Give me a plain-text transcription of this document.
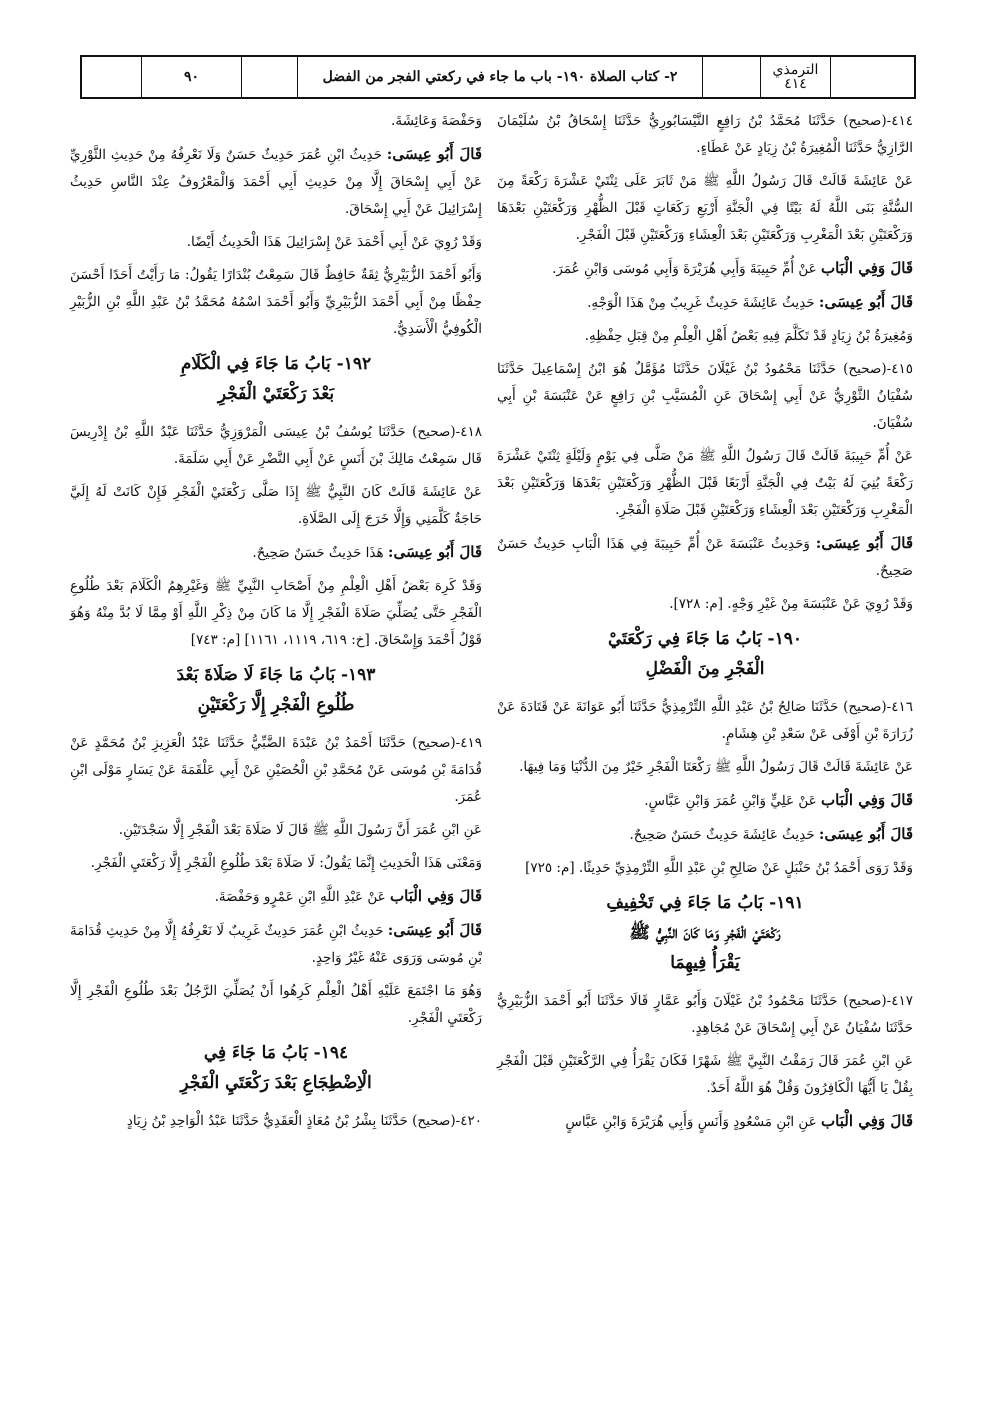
٩٠	٢- كتاب الصلاة ١٩٠- باب ما جاء في ركعتي الفجر من الفضل	الترمذي
٤١٤

٤١٤-(صحيح) حَدَّثَنَا مُحَمَّدُ بْنُ رَافِعٍ النَّيْسَابُورِيُّ حَدَّثَنَا إِسْحَاقُ بْنُ سُلَيْمَانَ الرَّازِيُّ حَدَّثَنَا الْمُغِيرَةُ بْنُ زِيَادٍ عَنْ عَطَاءٍ.

عَنْ عَائِشَةَ قَالَتْ قَالَ رَسُولُ اللَّهِ ﷺ مَنْ ثَابَرَ عَلَى ثِنْتَيْ عَشْرَةَ رَكْعَةً مِنَ السُّنَّةِ بَنَى اللَّهُ لَهُ بَيْتًا فِي الْجَنَّةِ أَرْبَعِ رَكَعَاتٍ قَبْلَ الظُّهْرِ وَرَكْعَتَيْنِ بَعْدَهَا وَرَكْعَتَيْنِ بَعْدَ الْمَغْرِبِ وَرَكْعَتَيْنِ بَعْدَ الْعِشَاءِ وَرَكْعَتَيْنِ قَبْلَ الْفَجْرِ.

قَالَ وَفِي الْبَاب عَنْ أُمِّ حَبِيبَةَ وَأَبِي هُرَيْرَةَ وَأَبِي مُوسَى وَابْنِ عُمَرَ.

قَالَ أَبُو عِيسَى: حَدِيثُ عَائِشَةَ حَدِيثٌ غَرِيبٌ مِنْ هَذَا الْوَجْهِ.

وَمُغِيرَةُ بْنُ زِيَادٍ قَدْ تَكَلَّمَ فِيهِ بَعْضُ أَهْلِ الْعِلْمِ مِنْ قِبَلِ حِفْظِهِ.

٤١٥-(صحيح) حَدَّثَنَا مَحْمُودُ بْنُ غَيْلَانَ حَدَّثَنَا مُؤَمَّلٌ هُوَ ابْنُ إِسْمَاعِيلَ حَدَّثَنَا سُفْيَانُ الثَّوْرِيُّ عَنْ أَبِي إِسْحَاقَ عَنِ الْمُسَيَّبِ بْنِ رَافِعٍ عَنْ عَنْبَسَةَ بْنِ أَبِي سُفْيَانَ.

عَنْ أُمِّ حَبِيبَةَ قَالَتْ قَالَ رَسُولُ اللَّهِ ﷺ مَنْ صَلَّى فِي يَوْمٍ وَلَيْلَةٍ ثِنْتَيْ عَشْرَةَ رَكْعَةً بُنِيَ لَهُ بَيْتٌ فِي الْجَنَّةِ أَرْبَعًا قَبْلَ الظُّهْرِ وَرَكْعَتَيْنِ بَعْدَهَا وَرَكْعَتَيْنِ بَعْدَ الْمَغْرِبِ وَرَكْعَتَيْنِ بَعْدَ الْعِشَاءِ وَرَكْعَتَيْنِ قَبْلَ صَلَاةِ الْفَجْرِ.

قَالَ أَبُو عِيسَى: وَحَدِيثُ عَنْبَسَةَ عَنْ أُمِّ حَبِيبَةَ فِي هَذَا الْبَابِ حَدِيثٌ حَسَنٌ صَحِيحٌ.

وَقَدْ رُوِيَ عَنْ عَنْبَسَةَ مِنْ غَيْرِ وَجْهٍ. [م: ٧٢٨].

١٩٠- بَابُ مَا جَاءَ فِي رَكْعَتَيْ
الْفَجْرِ مِنَ الْفَضْلِ

٤١٦-(صحيح) حَدَّثَنَا صَالِحُ بْنُ عَبْدِ اللَّهِ التِّرْمِذِيُّ حَدَّثَنَا أَبُو عَوَانَةَ عَنْ قَتَادَةَ عَنْ زُرَارَةَ بْنِ أَوْفَى عَنْ سَعْدِ بْنِ هِشَامٍ.

عَنْ عَائِشَةَ قَالَتْ قَالَ رَسُولُ اللَّهِ ﷺ رَكْعَتَا الْفَجْرِ خَيْرٌ مِنَ الدُّنْيَا وَمَا فِيهَا.

قَالَ وَفِي الْبَاب عَنْ عَلِيٍّ وَابْنِ عُمَرَ وَابْنِ عَبَّاسٍ.

قَالَ أَبُو عِيسَى: حَدِيثُ عَائِشَةَ حَدِيثٌ حَسَنٌ صَحِيحٌ.

وَقَدْ رَوَى أَحْمَدُ بْنُ حَنْبَلٍ عَنْ صَالِحِ بْنِ عَبْدِ اللَّهِ التِّرْمِذِيِّ حَدِيثًا. [م: ٧٢٥]

١٩١- بَابُ مَا جَاءَ فِي تَخْفِيفِ
رَكْعَتَيْ الْفَجْرِ وَمَا كَانَ النَّبِيُّ ﷺ
يَقْرَأُ فِيهِمَا

٤١٧-(صحيح) حَدَّثَنَا مَحْمُودُ بْنُ غَيْلَانَ وَأَبُو عَمَّارٍ قَالَا حَدَّثَنَا أَبُو أَحْمَدَ الزُّبَيْرِيُّ حَدَّثَنَا سُفْيَانُ عَنْ أَبِي إِسْحَاقَ عَنْ مُجَاهِدٍ.

عَنِ ابْنِ عُمَرَ قَالَ رَمَقْتُ النَّبِيَّ ﷺ شَهْرًا فَكَانَ يَقْرَأُ فِي الرَّكْعَتَيْنِ قَبْلَ الْفَجْرِ بِقُلْ يَا أَيُّهَا الْكَافِرُونَ وَقُلْ هُوَ اللَّهُ أَحَدٌ.

قَالَ وَفِي الْبَاب عَنِ ابْنِ مَسْعُودٍ وَأَنَسٍ وَأَبِي هُرَيْرَةَ وَابْنِ عَبَّاسٍ

وَحَفْصَةَ وَعَائِشَةَ.

قَالَ أَبُو عِيسَى: حَدِيثُ ابْنِ عُمَرَ حَدِيثٌ حَسَنٌ وَلَا نَعْرِفُهُ مِنْ حَدِيثِ الثَّوْرِيِّ عَنْ أَبِي إِسْحَاقَ إِلَّا مِنْ حَدِيثِ أَبِي أَحْمَدَ وَالْمَعْرُوفُ عِنْدَ النَّاسِ حَدِيثُ إِسْرَائِيلَ عَنْ أَبِي إِسْحَاقَ.

وَقَدْ رُوِيَ عَنْ أَبِي أَحْمَدَ عَنْ إِسْرَائِيلَ هَذَا الْحَدِيثُ أَيْضًا.

وَأَبُو أَحْمَدَ الزُّبَيْرِيُّ ثِقَةٌ حَافِظٌ قَالَ سَمِعْتُ بُنْدَارًا يَقُولُ: مَا رَأَيْتُ أَحَدًا أَحْسَنَ حِفْظًا مِنْ أَبِي أَحْمَدَ الزُّبَيْرِيِّ وَأَبُو أَحْمَدَ اسْمُهُ مُحَمَّدُ بْنُ عَبْدِ اللَّهِ بْنِ الزُّبَيْرِ الْكُوفِيُّ الْأَسَدِيُّ.

١٩٢- بَابُ مَا جَاءَ فِي الْكَلَامِ
بَعْدَ رَكْعَتَيْ الْفَجْرِ

٤١٨-(صحيح) حَدَّثَنَا يُوسُفُ بْنُ عِيسَى الْمَرْوَزِيُّ حَدَّثَنَا عَبْدُ اللَّهِ بْنُ إِدْرِيسَ قَال سَمِعْتُ مَالِكَ بْنَ أَنَسٍ عَنْ أَبِي النَّضْرِ عَنْ أَبِي سَلَمَةَ.

عَنْ عَائِشَةَ قَالَتْ كَانَ النَّبِيُّ ﷺ إِذَا صَلَّى رَكْعَتَيْ الْفَجْرِ فَإِنْ كَانَتْ لَهُ إِلَيَّ حَاجَةٌ كَلَّمَنِي وَإِلَّا خَرَجَ إِلَى الصَّلَاةِ.

قَالَ أَبُو عِيسَى: هَذَا حَدِيثٌ حَسَنٌ صَحِيحٌ.

وَقَدْ كَرِهَ بَعْضُ أَهْلِ الْعِلْمِ مِنْ أَصْحَابِ النَّبِيِّ ﷺ وَغَيْرِهِمُ الْكَلَامَ بَعْدَ طُلُوعِ الْفَجْرِ حَتَّى يُصَلِّيَ صَلَاةَ الْفَجْرِ إِلَّا مَا كَانَ مِنْ ذِكْرِ اللَّهِ أَوْ مِمَّا لَا بُدَّ مِنْهُ وَهُوَ قَوْلُ أَحْمَدَ وَإِسْحَاقَ. [خ: ٦١٩، ١١١٩، ١١٦١] [م: ٧٤٣]

١٩٣- بَابُ مَا جَاءَ لَا صَلَاةَ بَعْدَ
طُلُوعِ الْفَجْرِ إِلَّا رَكْعَتَيْنِ

٤١٩-(صحيح) حَدَّثَنَا أَحْمَدُ بْنُ عَبْدَةَ الضَّبِّيُّ حَدَّثَنَا عَبْدُ الْعَزِيزِ بْنُ مُحَمَّدٍ عَنْ قُدَامَةَ بْنِ مُوسَى عَنْ مُحَمَّدِ بْنِ الْحُصَيْنِ عَنْ أَبِي عَلْقَمَةَ عَنْ يَسَارٍ مَوْلَى ابْنِ عُمَرَ.

عَنِ ابْنِ عُمَرَ أَنَّ رَسُولَ اللَّهِ ﷺ قَالَ لَا صَلَاةَ بَعْدَ الْفَجْرِ إِلَّا سَجْدَتَيْنِ.

وَمَعْنَى هَذَا الْحَدِيثِ إِنَّمَا يَقُولُ: لَا صَلَاةَ بَعْدَ طُلُوعِ الْفَجْرِ إِلَّا رَكْعَتَيِ الْفَجْرِ.

قَالَ وَفِي الْبَاب عَنْ عَبْدِ اللَّهِ ابْنِ عَمْرٍو وَحَفْصَةَ.

قَالَ أَبُو عِيسَى: حَدِيثُ ابْنِ عُمَرَ حَدِيثٌ غَرِيبٌ لَا نَعْرِفُهُ إِلَّا مِنْ حَدِيثِ قُدَامَةَ بْنِ مُوسَى وَرَوَى عَنْهُ غَيْرُ وَاحِدٍ.

وَهُوَ مَا اجْتَمَعَ عَلَيْهِ أَهْلُ الْعِلْمِ كَرِهُوا أَنْ يُصَلِّيَ الرَّجُلُ بَعْدَ طُلُوعِ الْفَجْرِ إِلَّا رَكْعَتَيِ الْفَجْرِ.

١٩٤- بَابُ مَا جَاءَ فِي
الْاِضْطِجَاعِ بَعْدَ رَكْعَتَيِ الْفَجْرِ

٤٢٠-(صحيح) حَدَّثَنَا بِشْرُ بْنُ مُعَاذٍ الْعَقَدِيُّ حَدَّثَنَا عَبْدُ الْوَاحِدِ بْنُ زِيَادٍ
